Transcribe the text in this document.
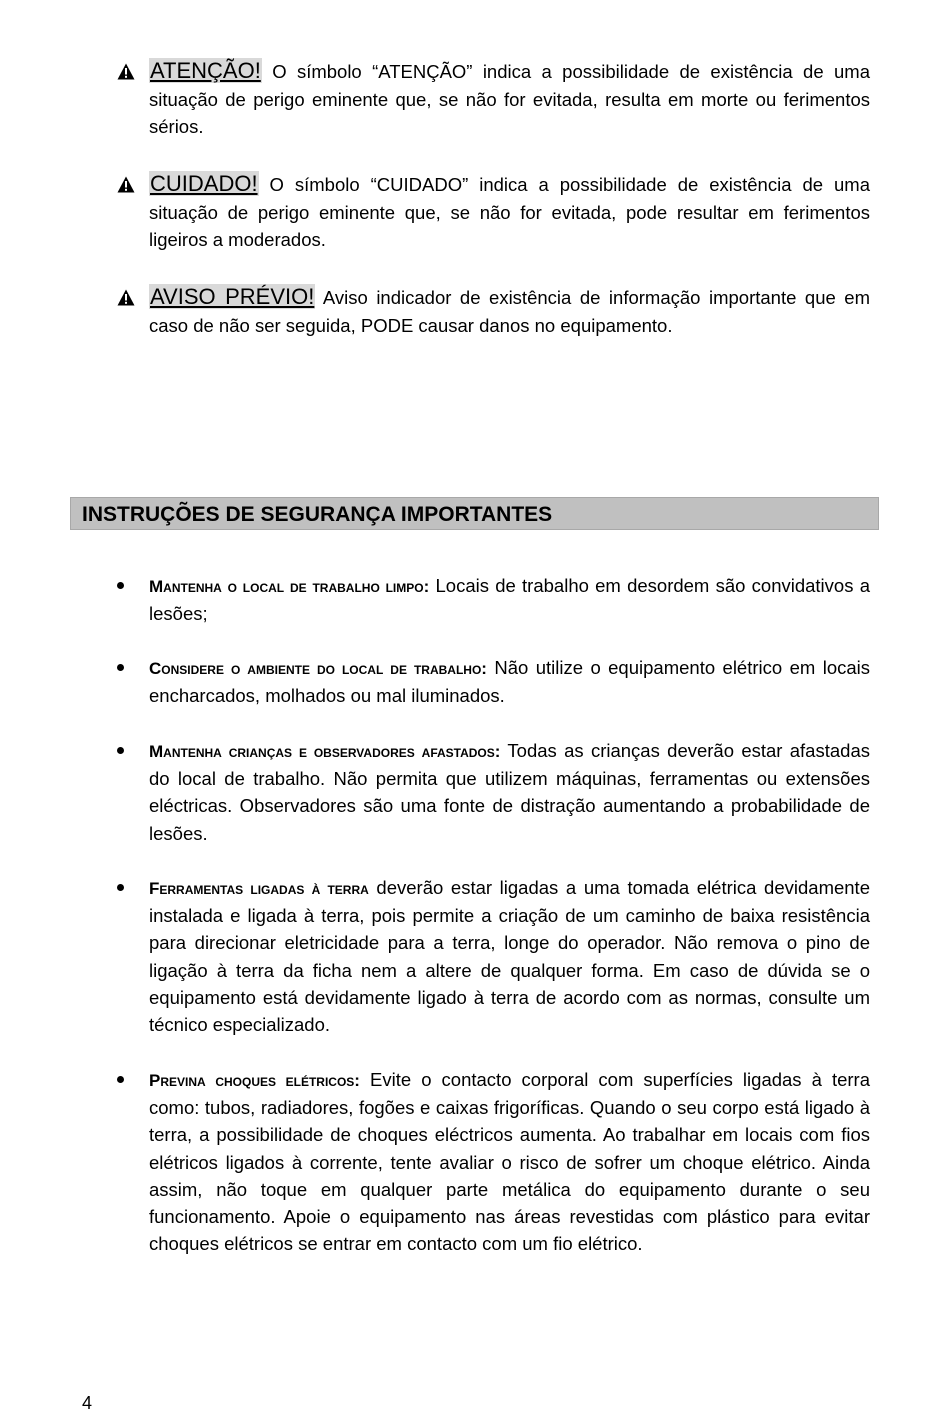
ATENÇÃO! O símbolo “ATENÇÃO” indica a possibilidade de existência de uma situação de perigo eminente que, se não for evitada, resulta em morte ou ferimentos sérios.
CUIDADO! O símbolo “CUIDADO” indica a possibilidade de existência de uma situação de perigo eminente que, se não for evitada, pode resultar em ferimentos ligeiros a moderados.
AVISO PRÉVIO! Aviso indicador de existência de informação importante que em caso de não ser seguida, PODE causar danos no equipamento.
INSTRUÇÕES DE SEGURANÇA IMPORTANTES
Mantenha o local de trabalho limpo: Locais de trabalho em desordem são convidativos a lesões;
Considere o ambiente do local de trabalho: Não utilize o equipamento elétrico em locais encharcados, molhados ou mal iluminados.
Mantenha crianças e observadores afastados: Todas as crianças deverão estar afastadas do local de trabalho. Não permita que utilizem máquinas, ferramentas ou extensões eléctricas. Observadores são uma fonte de distração aumentando a probabilidade de lesões.
Ferramentas ligadas à terra deverão estar ligadas a uma tomada elétrica devidamente instalada e ligada à terra, pois permite a criação de um caminho de baixa resistência para direcionar eletricidade para a terra, longe do operador. Não remova o pino de ligação à terra da ficha nem a altere de qualquer forma. Em caso de dúvida se o equipamento está devidamente ligado à terra de acordo com as normas, consulte um técnico especializado.
Previna choques elétricos: Evite o contacto corporal com superfícies ligadas à terra como: tubos, radiadores, fogões e caixas frigoríficas. Quando o seu corpo está ligado à terra, a possibilidade de choques eléctricos aumenta. Ao trabalhar em locais com fios elétricos ligados à corrente, tente avaliar o risco de sofrer um choque elétrico. Ainda assim, não toque em qualquer parte metálica do equipamento durante o seu funcionamento. Apoie o equipamento nas áreas revestidas com plástico para evitar choques elétricos se entrar em contacto com um fio elétrico.
4
